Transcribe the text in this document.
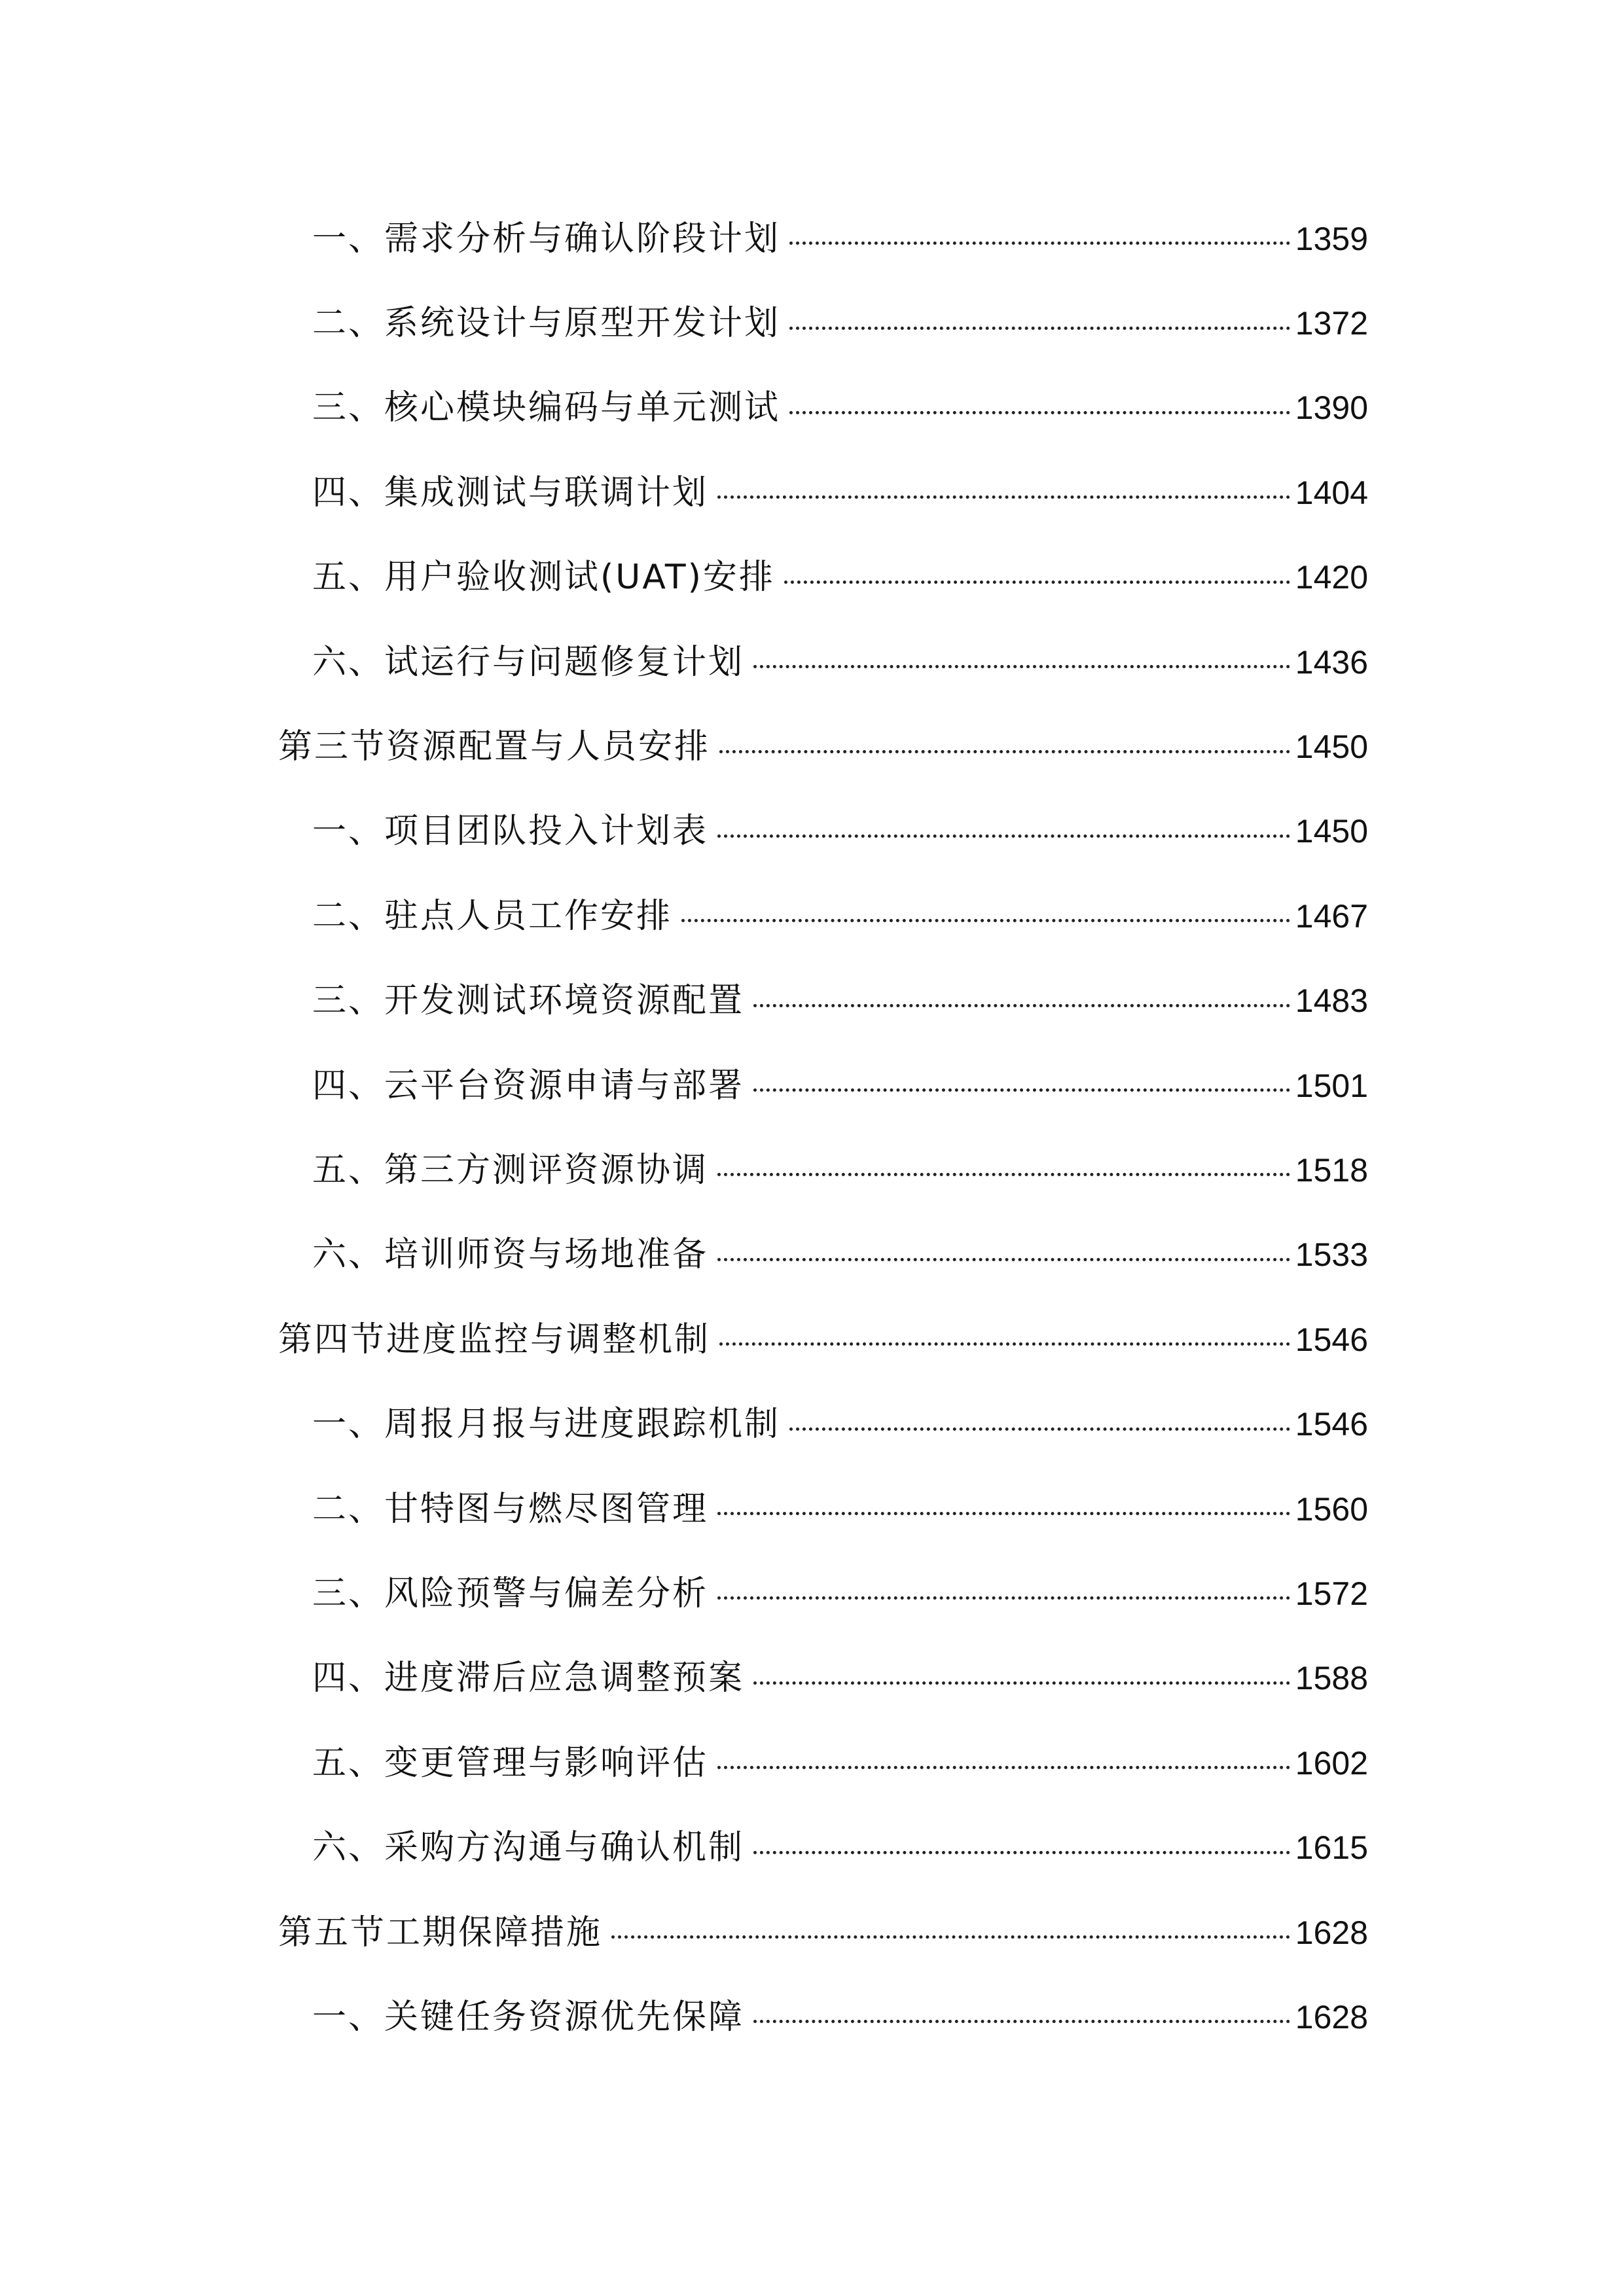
一、需求分析与确认阶段计划	1359
二、系统设计与原型开发计划	1372
三、核心模块编码与单元测试	1390
四、集成测试与联调计划	1404
五、用户验收测试(UAT)安排	1420
六、试运行与问题修复计划	1436
第三节资源配置与人员安排	1450
一、项目团队投入计划表	1450
二、驻点人员工作安排	1467
三、开发测试环境资源配置	1483
四、云平台资源申请与部署	1501
五、第三方测评资源协调	1518
六、培训师资与场地准备	1533
第四节进度监控与调整机制	1546
一、周报月报与进度跟踪机制	1546
二、甘特图与燃尽图管理	1560
三、风险预警与偏差分析	1572
四、进度滞后应急调整预案	1588
五、变更管理与影响评估	1602
六、采购方沟通与确认机制	1615
第五节工期保障措施	1628
一、关键任务资源优先保障	1628
